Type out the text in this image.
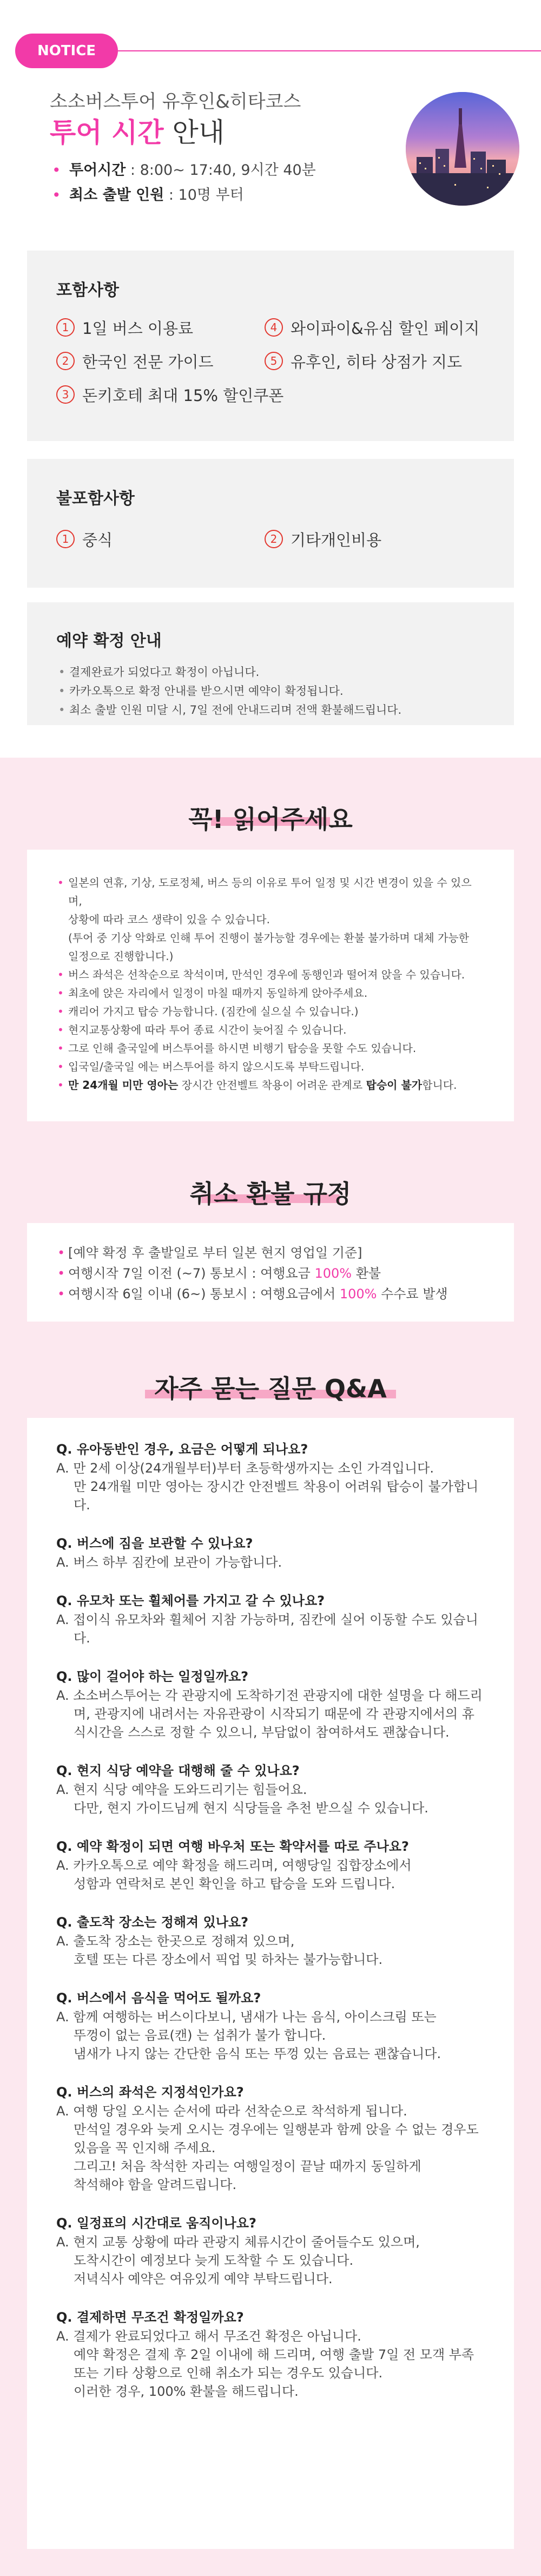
NOTICE
소소버스투어 유후인&히타코스
투어 시간 안내
• 투어시간 : 8:00~ 17:40, 9시간 40분
• 최소 출발 인원 : 10명 부터
포함사항
1 1일 버스 이용료	4 와이파이&유심 할인 페이지
2 한국인 전문 가이드	5 유후인, 히타 상점가 지도
3 돈키호테 최대 15% 할인쿠폰
불포함사항
1 중식	2 기타개인비용
예약 확정 안내
• 결제완료가 되었다고 확정이 아닙니다.
• 카카오톡으로 확정 안내를 받으시면 예약이 확정됩니다.
• 최소 출발 인원 미달 시, 7일 전에 안내드리며 전액 환불해드립니다.
꼭! 읽어주세요
• 일본의 연휴, 기상, 도로정체, 버스 등의 이유로 투어 일정 및 시간 변경이 있을 수 있으며,
상황에 따라 코스 생략이 있을 수 있습니다.
(투어 중 기상 악화로 인해 투어 진행이 불가능할 경우에는 환불 불가하며 대체 가능한
일정으로 진행합니다.)
• 버스 좌석은 선착순으로 착석이며, 만석인 경우에 동행인과 떨어져 앉을 수 있습니다.
• 최초에 앉은 자리에서 일정이 마칠 때까지 동일하게 앉아주세요.
• 캐리어 가지고 탑승 가능합니다. (짐칸에 실으실 수 있습니다.)
• 현지교통상황에 따라 투어 종료 시간이 늦어질 수 있습니다.
• 그로 인해 출국일에 버스투어를 하시면 비행기 탑승을 못할 수도 있습니다.
• 입국일/출국일 에는 버스투어를 하지 않으시도록 부탁드립니다.
• 만 24개월 미만 영아는 장시간 안전벨트 착용이 어려운 관계로 탑승이 불가합니다.
취소 환불 규정
• [예약 확정 후 출발일로 부터 일본 현지 영업일 기준]
• 여행시작 7일 이전 (~7) 통보시 : 여행요금 100% 환불
• 여행시작 6일 이내 (6~) 통보시 : 여행요금에서 100% 수수료 발생
자주 묻는 질문 Q&A
Q. 유아동반인 경우, 요금은 어떻게 되나요?
A. 만 2세 이상(24개월부터)부터 초등학생까지는 소인 가격입니다.
만 24개월 미만 영아는 장시간 안전벨트 착용이 어려워 탑승이 불가합니다.
Q. 버스에 짐을 보관할 수 있나요?
A. 버스 하부 짐칸에 보관이 가능합니다.
Q. 유모차 또는 휠체어를 가지고 갈 수 있나요?
A. 접이식 유모차와 휠체어 지참 가능하며, 짐칸에 실어 이동할 수도 있습니다.
Q. 많이 걸어야 하는 일정일까요?
A. 소소버스투어는 각 관광지에 도착하기전 관광지에 대한 설명을 다 해드리며, 관광지에 내려서는 자유관광이 시작되기 때문에 각 관광지에서의 휴식시간을 스스로 정할 수 있으니, 부담없이 참여하셔도 괜찮습니다.
Q. 현지 식당 예약을 대행해 줄 수 있나요?
A. 현지 식당 예약을 도와드리기는 힘들어요.
다만, 현지 가이드님께 현지 식당들을 추천 받으실 수 있습니다.
Q. 예약 확정이 되면 여행 바우처 또는 확약서를 따로 주나요?
A. 카카오톡으로 예약 확정을 해드리며, 여행당일 집합장소에서
성함과 연락처로 본인 확인을 하고 탑승을 도와 드립니다.
Q. 출도착 장소는 정해져 있나요?
A. 출도착 장소는 한곳으로 정해져 있으며,
호텔 또는 다른 장소에서 픽업 및 하차는 불가능합니다.
Q. 버스에서 음식을 먹어도 될까요?
A. 함께 여행하는 버스이다보니, 냄새가 나는 음식, 아이스크림 또는
뚜껑이 없는 음료(캔) 는 섭취가 불가 합니다.
냄새가 나지 않는 간단한 음식 또는 뚜껑 있는 음료는 괜찮습니다.
Q. 버스의 좌석은 지정석인가요?
A. 여행 당일 오시는 순서에 따라 선착순으로 착석하게 됩니다.
만석일 경우와 늦게 오시는 경우에는 일행분과 함께 앉을 수 없는 경우도
있음을 꼭 인지해 주세요.
그리고! 처음 착석한 자리는 여행일정이 끝날 때까지 동일하게
착석해야 함을 알려드립니다.
Q. 일정표의 시간대로 움직이나요?
A. 현지 교통 상황에 따라 관광지 체류시간이 줄어들수도 있으며,
도착시간이 예정보다 늦게 도착할 수 도 있습니다.
저녁식사 예약은 여유있게 예약 부탁드립니다.
Q. 결제하면 무조건 확정일까요?
A. 결제가 완료되었다고 해서 무조건 확정은 아닙니다.
예약 확정은 결제 후 2일 이내에 해 드리며, 여행 출발 7일 전 모객 부족
또는 기타 상황으로 인해 취소가 되는 경우도 있습니다.
이러한 경우, 100% 환불을 해드립니다.
